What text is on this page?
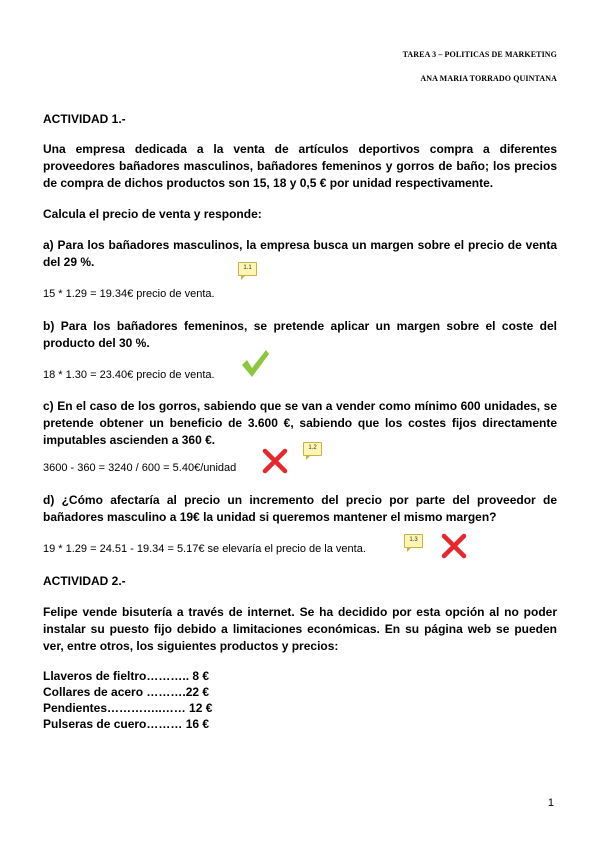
TAREA 3 – POLITICAS DE MARKETING
ANA MARIA TORRADO QUINTANA
ACTIVIDAD 1.-
Una empresa dedicada a la venta de artículos deportivos compra a diferentes proveedores bañadores masculinos, bañadores femeninos y gorros de baño; los precios de compra de dichos productos son 15, 18 y 0,5 € por unidad respectivamente.
Calcula el precio de venta y responde:
a) Para los bañadores masculinos, la empresa busca un margen sobre el precio de venta del 29 %.	1.1
15 * 1.29 = 19.34€ precio de venta.
b) Para los bañadores femeninos, se pretende aplicar un margen sobre el coste del producto del 30 %.
18 * 1.30 = 23.40€ precio de venta.
c) En el caso de los gorros, sabiendo que se van a vender como mínimo 600 unidades, se pretende obtener un beneficio de 3.600 €, sabiendo que los costes fijos directamente imputables ascienden a 360 €.
3600 - 360 = 3240 / 600 = 5.40€/unidad
1.2
d) ¿Cómo afectaría al precio un incremento del precio por parte del proveedor de bañadores masculino a 19€ la unidad si queremos mantener el mismo margen?
19 * 1.29 = 24.51 - 19.34 = 5.17€ se elevaría el precio de la venta.
1.3
ACTIVIDAD 2.-
Felipe vende bisutería a través de internet. Se ha decidido por esta opción al no poder instalar su puesto fijo debido a limitaciones económicas. En su página web se pueden ver, entre otros, los siguientes productos y precios:
Llaveros de fieltro……….. 8 €
Collares de acero ……….22 €
Pendientes…………..…… 12 €
Pulseras de cuero……… 16 €
1
